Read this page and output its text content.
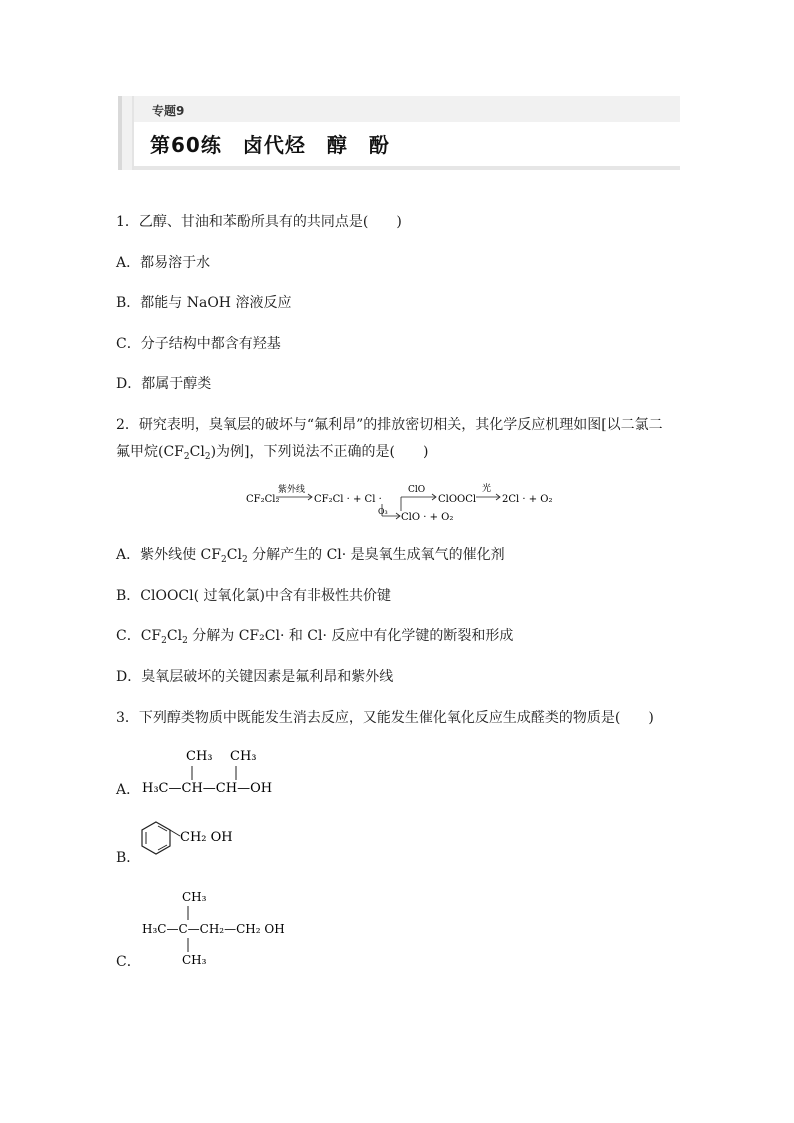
专题9
第60练　卤代烃　醇　酚
1．乙醇、甘油和苯酚所具有的共同点是(　　)
A．都易溶于水
B．都能与 NaOH 溶液反应
C．分子结构中都含有羟基
D．都属于醇类
2．研究表明，臭氧层的破坏与“氟利昂”的排放密切相关，其化学反应机理如图[以二氯二
氟甲烷$(CF_2Cl_2)$为例]，下列说法不正确的是(　　)
CF₂Cl₂
紫外线
CF₂Cl · + Cl ·
O₃
ClO · + O₂
ClO
ClOOCl
光
2Cl · + O₂
A．紫外线使 $CF_2Cl_2$ 分解产生的 Cl· 是臭氧生成氧气的催化剂
B．ClOOCl( 过氧化氯)中含有非极性共价键
C．$CF_2Cl_2$ 分解为 CF₂Cl· 和 Cl· 反应中有化学键的断裂和形成
D．臭氧层破坏的关键因素是氟利昂和紫外线
3．下列醇类物质中既能发生消去反应，又能发生催化氧化反应生成醛类的物质是(　　)
A．
CH₃ CH₃
H₃C—CH—CH—OH
B．
CH₂ OH
C．
CH₃
H₃C—C—CH₂—CH₂ OH
CH₃
